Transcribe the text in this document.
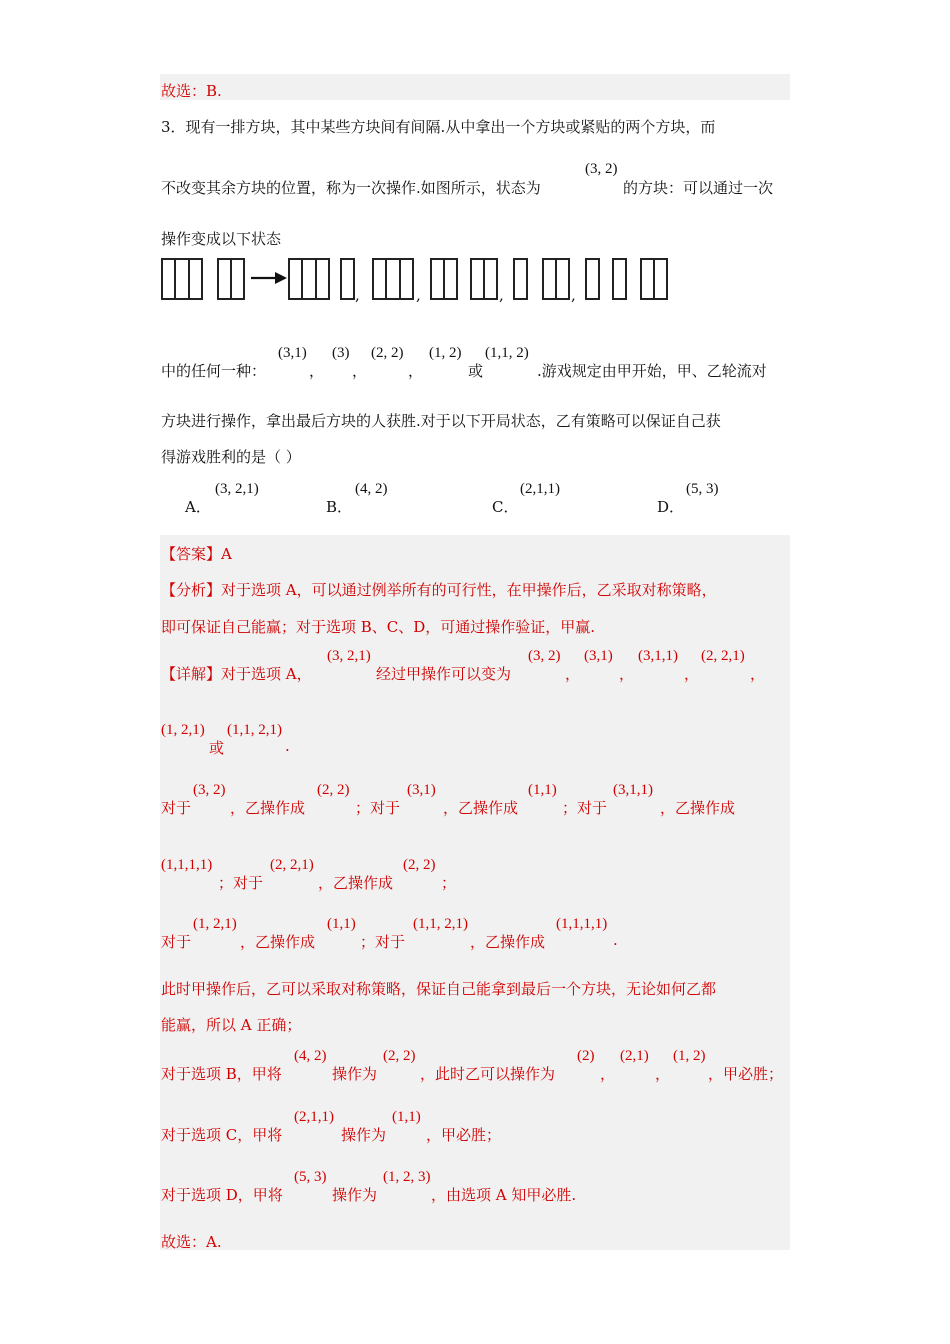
故选：B.
3．现有一排方块，其中某些方块间有间隔.从中拿出一个方块或紧贴的两个方块，而
不改变其余方块的位置，称为一次操作.如图所示，状态为
(3, 2)
的方块：可以通过一次
操作变成以下状态
,	,	,	,
中的任何一种：
(3,1)
，
(3)
，
(2, 2)
，
(1, 2)
或
(1,1, 2)
.游戏规定由甲开始，甲、乙轮流对
方块进行操作，拿出最后方块的人获胜.对于以下开局状态，乙有策略可以保证自己获
得游戏胜利的是（ ）
A．
(3, 2,1)
B．
(4, 2)
C．
(2,1,1)
D．
(5, 3)
【答案】A
【分析】对于选项 A，可以通过例举所有的可行性，在甲操作后，乙采取对称策略，
即可保证自己能赢；对于选项 B、C、D，可通过操作验证，甲赢.
【详解】对于选项 A，
(3, 2,1)
经过甲操作可以变为
(3, 2)
，
(3,1)
，
(3,1,1)
，
(2, 2,1)
，
(1, 2,1)
或
(1,1, 2,1)
.
对于
(3, 2)
，乙操作成
(2, 2)
；对于
(3,1)
，乙操作成
(1,1)
；对于
(3,1,1)
，乙操作成
(1,1,1,1)
；对于
(2, 2,1)
，乙操作成
(2, 2)
；
对于
(1, 2,1)
，乙操作成
(1,1)
；对于
(1,1, 2,1)
，乙操作成
(1,1,1,1)
.
此时甲操作后，乙可以采取对称策略，保证自己能拿到最后一个方块，无论如何乙都
能赢，所以 A 正确；
对于选项 B，甲将
(4, 2)
操作为
(2, 2)
，此时乙可以操作为
(2)
，
(2,1)
，
(1, 2)
，甲必胜；
对于选项 C，甲将
(2,1,1)
操作为
(1,1)
，甲必胜；
对于选项 D，甲将
(5, 3)
操作为
(1, 2, 3)
，由选项 A 知甲必胜.
故选：A.
